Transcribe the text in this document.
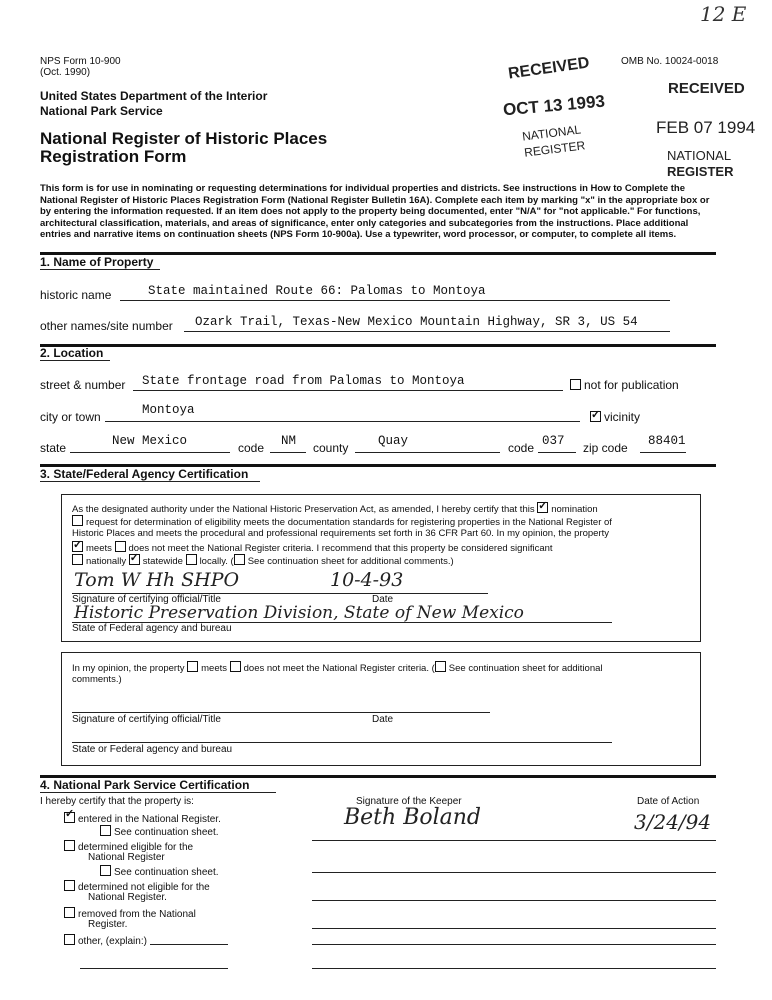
12 E
NPS Form 10-900
(Oct. 1990)
OMB No. 10024-0018
United States Department of the Interior
National Park Service
National Register of Historic Places
Registration Form
RECEIVED
OCT 13 1993
NATIONAL
REGISTER
RECEIVED
FEB 07 1994
NATIONAL
REGISTER
This form is for use in nominating or requesting determinations for individual properties and districts. See instructions in How to Complete the National Register of Historic Places Registration Form (National Register Bulletin 16A). Complete each item by marking "x" in the appropriate box or by entering the information requested. If an item does not apply to the property being documented, enter "N/A" for "not applicable." For functions, architectural classification, materials, and areas of significance, enter only categories and subcategories from the instructions. Place additional entries and narrative items on continuation sheets (NPS Form 10-900a). Use a typewriter, word processor, or computer, to complete all items.
1. Name of Property
historic name	State maintained Route 66: Palomas to Montoya
other names/site number Ozark Trail, Texas-New Mexico Mountain Highway, SR 3, US 54
2. Location
street & number State frontage road from Palomas to Montoya	not for publication
city or town	Montoya ✓	vicinity
state	New Mexico	code NM county Quay	code 037 zip code 88401
3. State/Federal Agency Certification
As the designated authority under the National Historic Preservation Act, as amended, I hereby certify that this ✓ nomination
request for determination of eligibility meets the documentation standards for registering properties in the National Register of
Historic Places and meets the procedural and professional requirements set forth in 36 CFR Part 60. In my opinion, the property
✓meets does not meet the National Register criteria. I recommend that this property be considered significant
nationally ✓ statewide locally. ( See continuation sheet for additional comments.)
Tom W Hh SHPO	10-4-93
Signature of certifying official/Title	Date
Historic Preservation Division, State of New Mexico
State of Federal agency and bureau
In my opinion, the property meets does not meet the National Register criteria. ( See continuation sheet for additional
comments.)
Signature of certifying official/Title	Date
State or Federal agency and bureau
4. National Park Service Certification
I hereby certify that the property is:	Signature of the Keeper	Date of Action
✓entered in the National Register.
See continuation sheet.
Beth Boland	3/24/94
determined eligible for the
National Register
See continuation sheet.
determined not eligible for the
National Register.
removed from the National
Register.
other, (explain:)
